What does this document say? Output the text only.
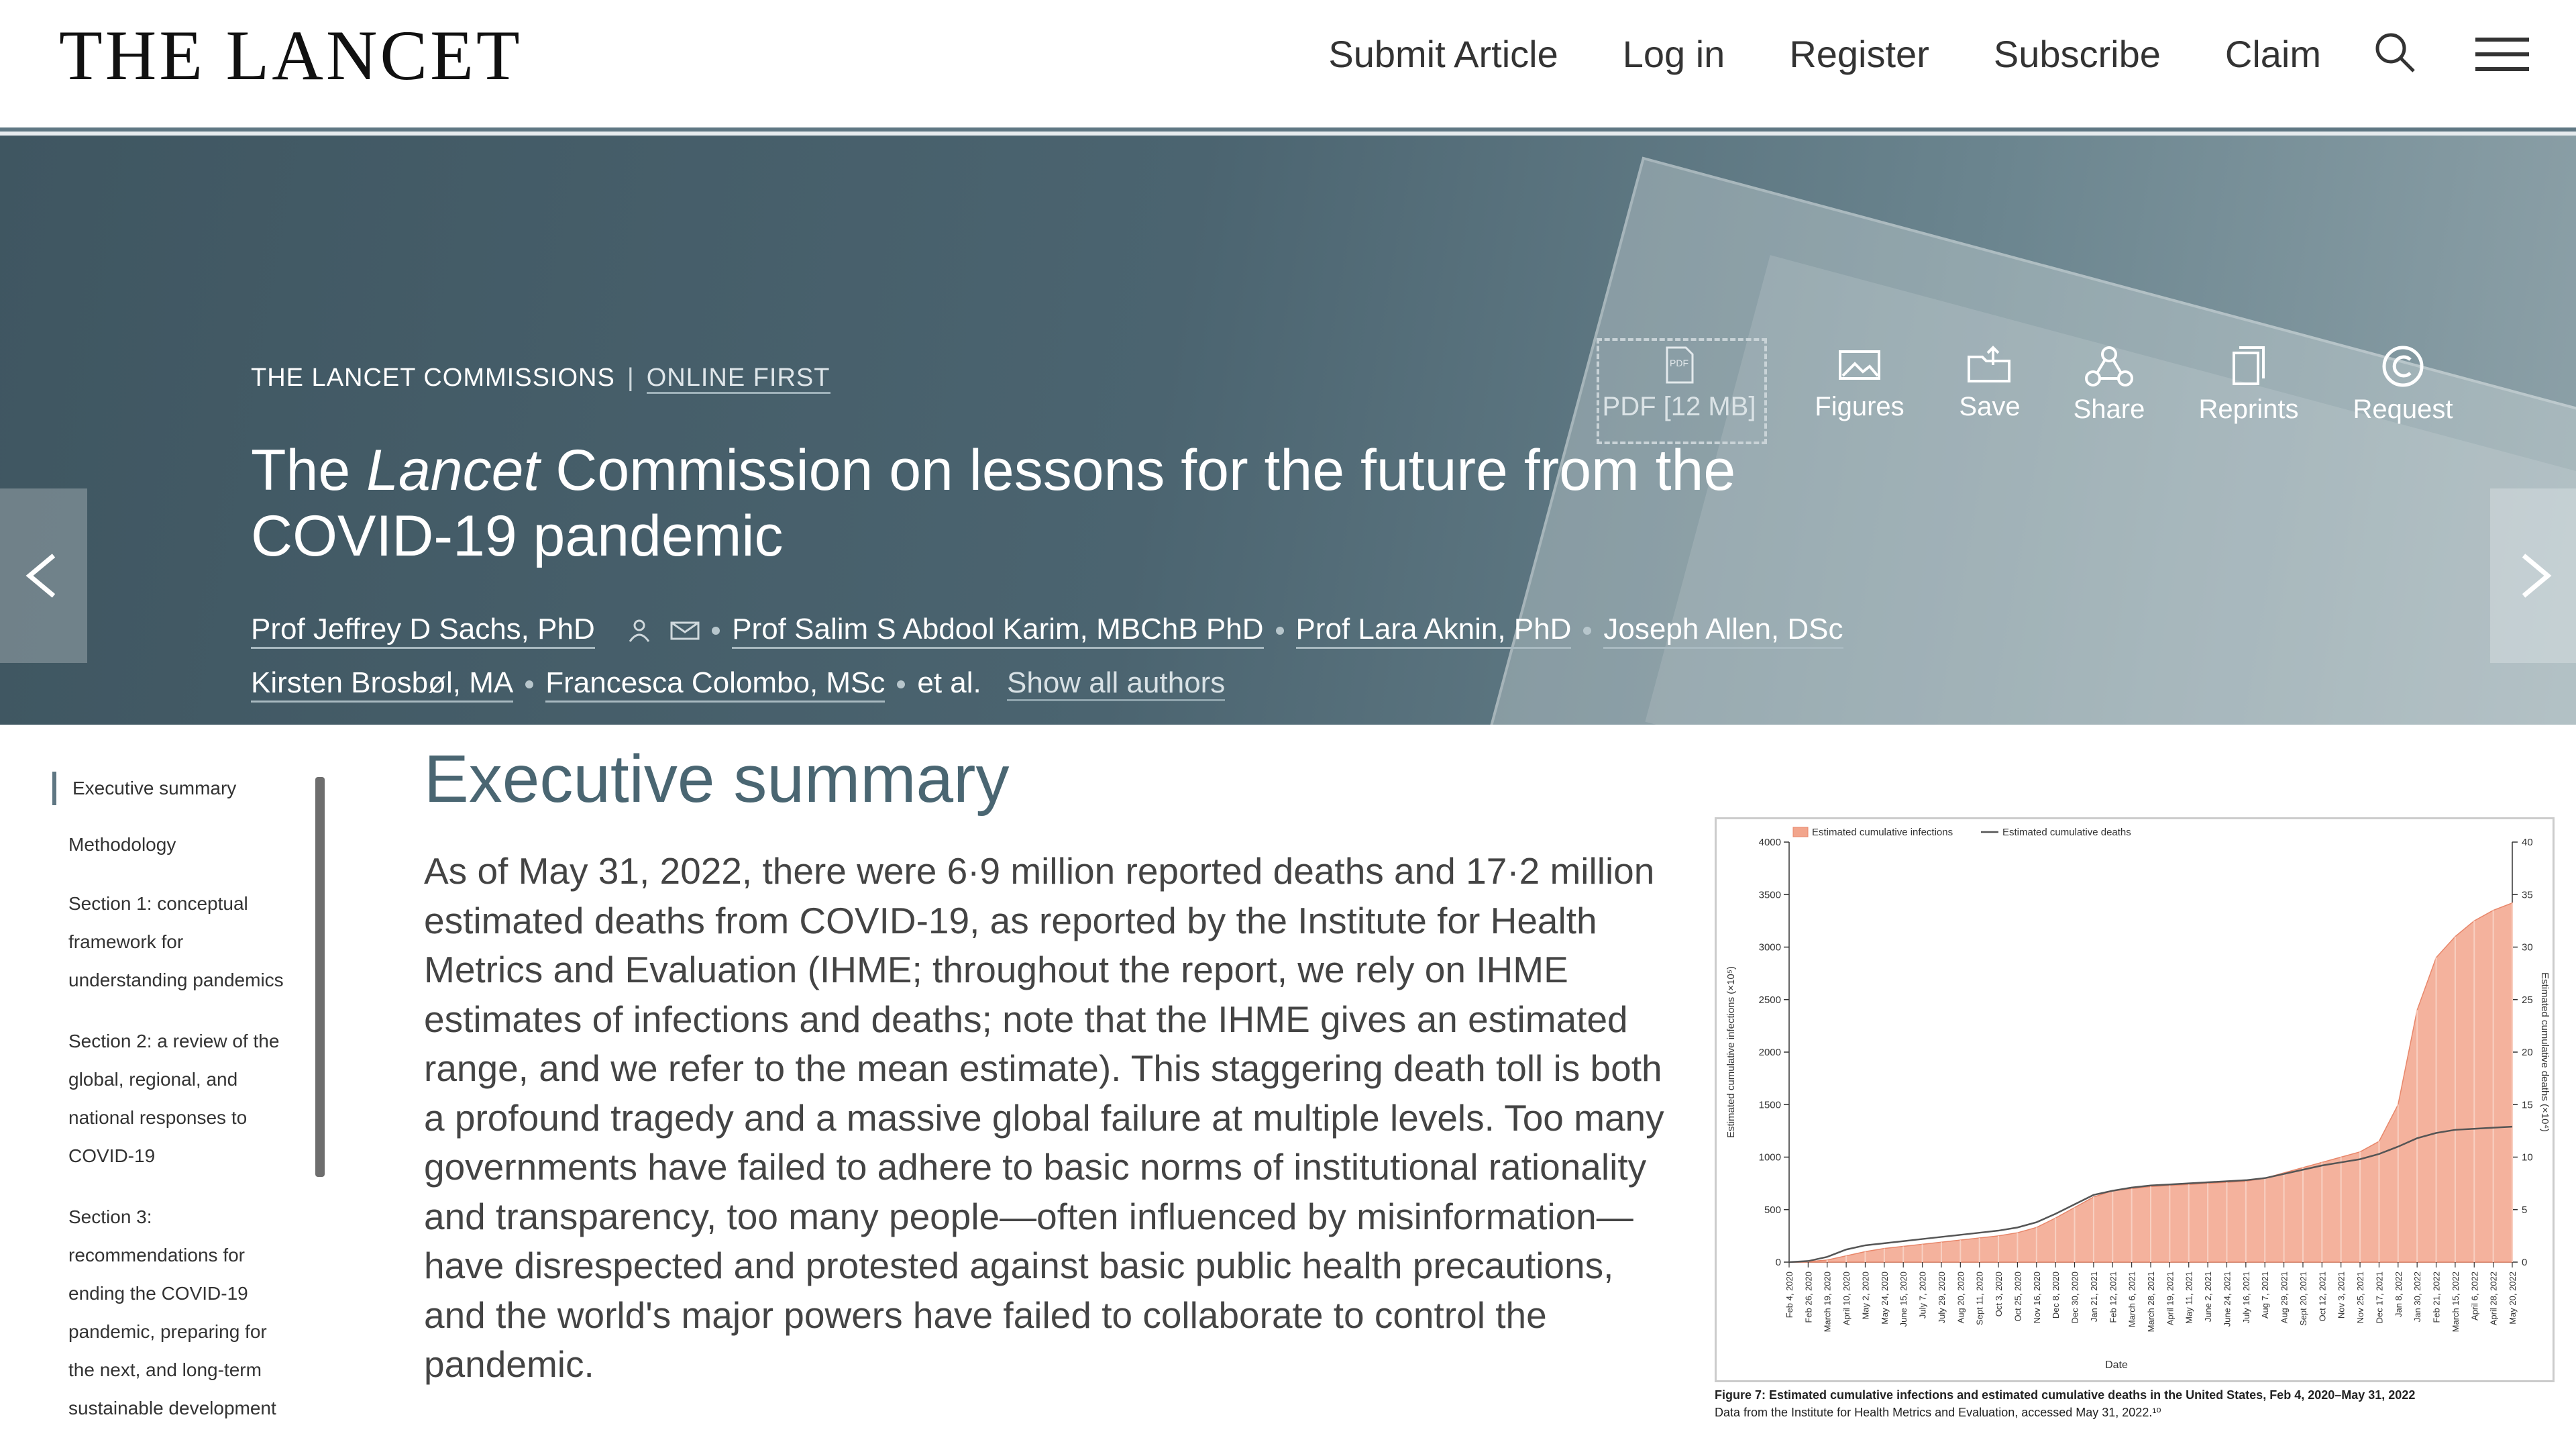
THE LANCET	Submit Article Log in Register Subscribe Claim
THE LANCET COMMISSIONS | ONLINE FIRST
The Lancet Commission on lessons for the future from the
COVID-19 pandemic
Prof Jeffrey D Sachs, PhD	Prof Salim S Abdool Karim, MBChB PhD Prof Lara Aknin, PhD Joseph Allen, DSc
Kirsten Brosbøl, MA Francesca Colombo, MSc et al. Show all authors

PDF
PDF [12 MB]	Figures	Save	Share	Reprints	Request
Executive summary
Methodology
Section 1: conceptual framework for understanding pandemics
Section 2: a review of the global, regional, and national responses to COVID-19
Section 3: recommendations for ending the COVID-19 pandemic, preparing for the next, and long-term sustainable development
Executive summary
As of May 31, 2022, there were 6·9 million reported deaths and 17·2 million estimated deaths from COVID-19, as reported by the Institute for Health Metrics and Evaluation (IHME; throughout the report, we rely on IHME estimates of infections and deaths; note that the IHME gives an estimated range, and we refer to the mean estimate). This staggering death toll is both a profound tragedy and a massive global failure at multiple levels. Too many governments have failed to adhere to basic norms of institutional rationality and transparency, too many people—often influenced by misinformation—have disrespected and protested against basic public health precautions, and the world's major powers have failed to collaborate to control the pandemic.
0
500
1000
1500
2000
2500
3000
3500
4000
0
5
10
15
20
25
30
35
40
Feb 4, 2020 Feb 26, 2020 March 19, 2020 April 10, 2020 May 2, 2020 May 24, 2020 June 15, 2020 July 7, 2020 July 29, 2020 Aug 20, 2020 Sept 11, 2020 Oct 3, 2020 Oct 25, 2020 Nov 16, 2020 Dec 8, 2020 Dec 30, 2020 Jan 21, 2021 Feb 12, 2021 March 6, 2021 March 28, 2021 April 19, 2021 May 11, 2021 June 2, 2021 June 24, 2021 July 16, 2021 Aug 7, 2021 Aug 29, 2021 Sept 20, 2021 Oct 12, 2021 Nov 3, 2021 Nov 25, 2021 Dec 17, 2021 Jan 8, 2022 Jan 30, 2022 Feb 21, 2022 March 15, 2022 April 6, 2022 April 28, 2022 May 20, 2022
Date
Estimated cumulative infections (×10⁵)	Estimated cumulative deaths (×10⁴)
Estimated cumulative infections	Estimated cumulative deaths
Figure 7: Estimated cumulative infections and estimated cumulative deaths in the United States, Feb 4, 2020–May 31, 2022
Data from the Institute for Health Metrics and Evaluation, accessed May 31, 2022.¹⁰
